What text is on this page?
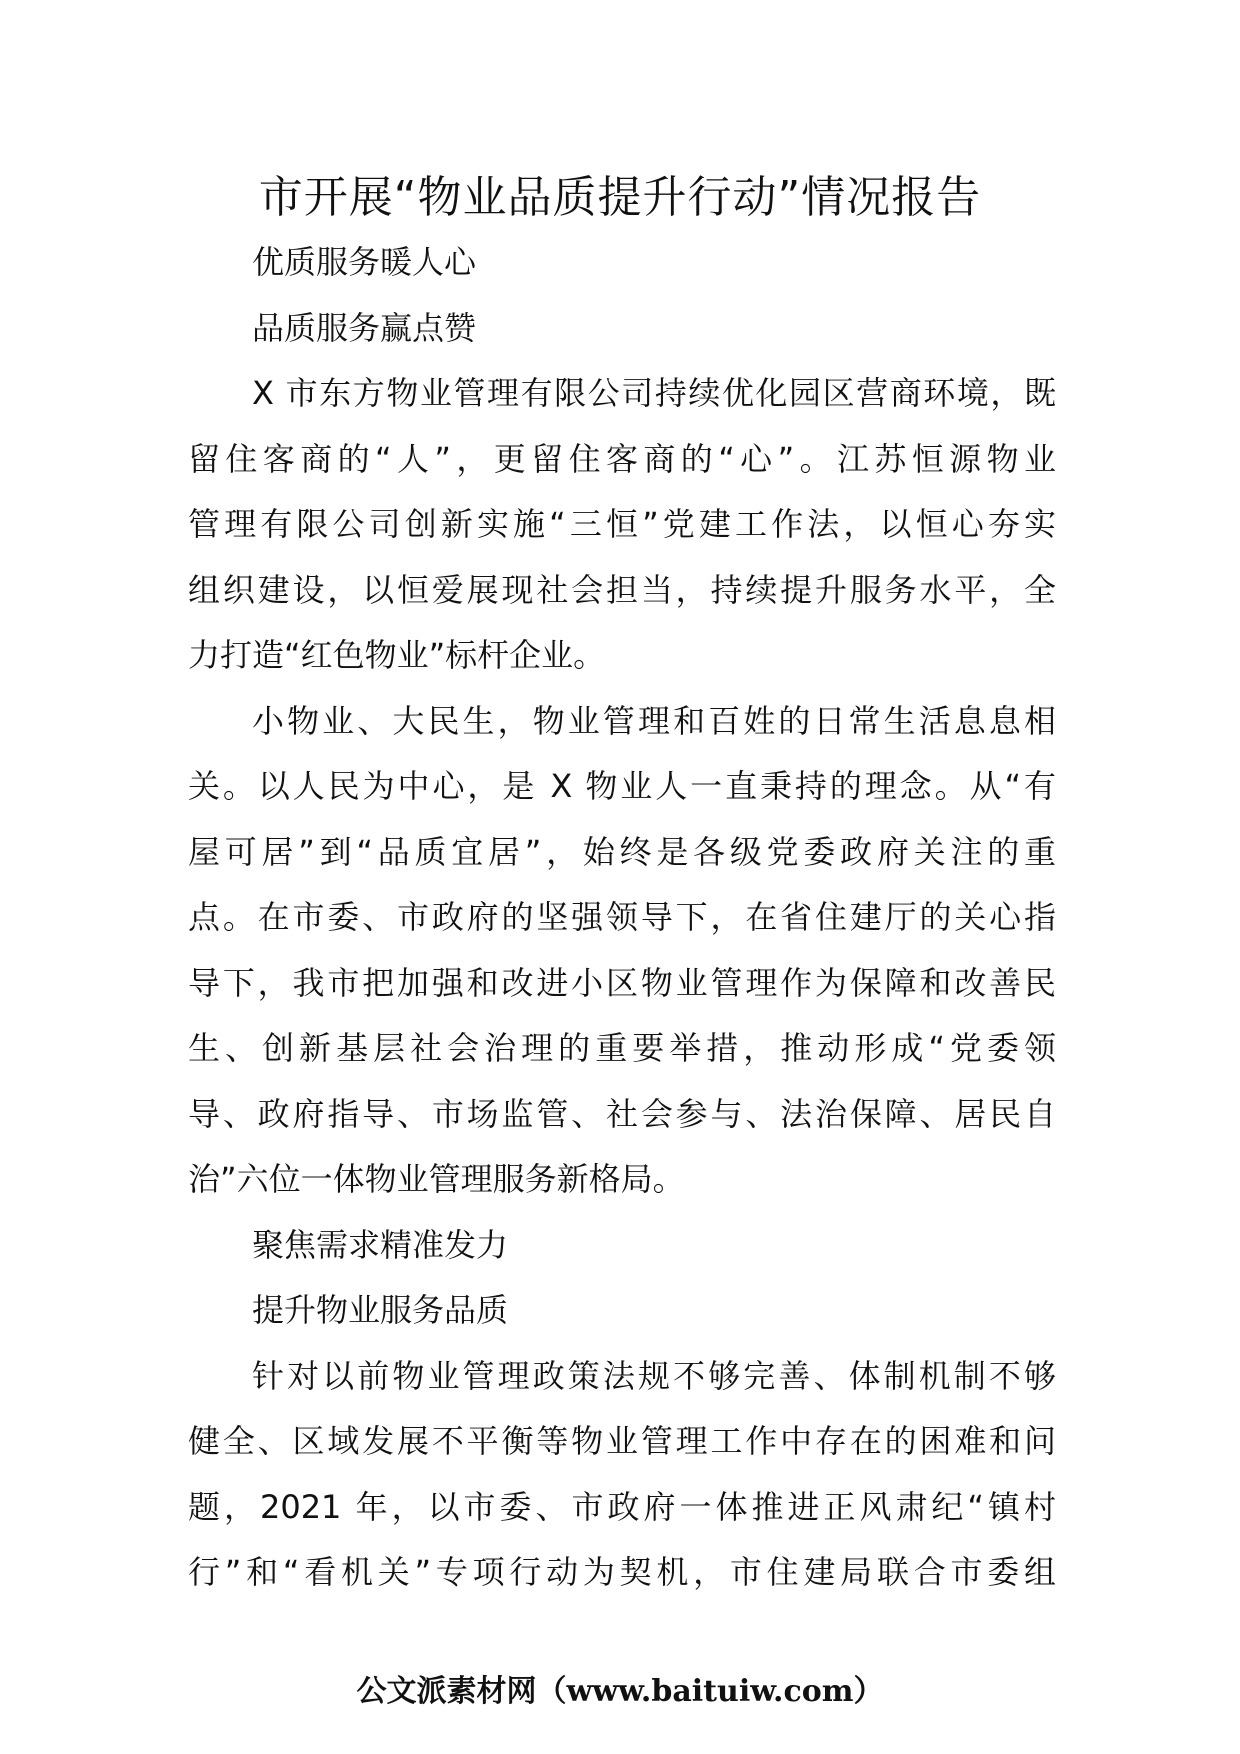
市开展“物业品质提升行动”情况报告
优质服务暖人心
品质服务赢点赞
X 市东方物业管理有限公司持续优化园区营商环境，既
留住客商的“人”，更留住客商的“心”。江苏恒源物业
管理有限公司创新实施“三恒”党建工作法，以恒心夯实
组织建设，以恒爱展现社会担当，持续提升服务水平，全
力打造“红色物业”标杆企业。
小物业、大民生，物业管理和百姓的日常生活息息相
关。以人民为中心，是 X 物业人一直秉持的理念。从“有
屋可居”到“品质宜居”，始终是各级党委政府关注的重
点。在市委、市政府的坚强领导下，在省住建厅的关心指
导下，我市把加强和改进小区物业管理作为保障和改善民
生、创新基层社会治理的重要举措，推动形成“党委领
导、政府指导、市场监管、社会参与、法治保障、居民自
治”六位一体物业管理服务新格局。
聚焦需求精准发力
提升物业服务品质
针对以前物业管理政策法规不够完善、体制机制不够
健全、区域发展不平衡等物业管理工作中存在的困难和问
题，2021 年，以市委、市政府一体推进正风肃纪“镇村
行”和“看机关”专项行动为契机，市住建局联合市委组
公文派素材网（www.baituiw.com）
